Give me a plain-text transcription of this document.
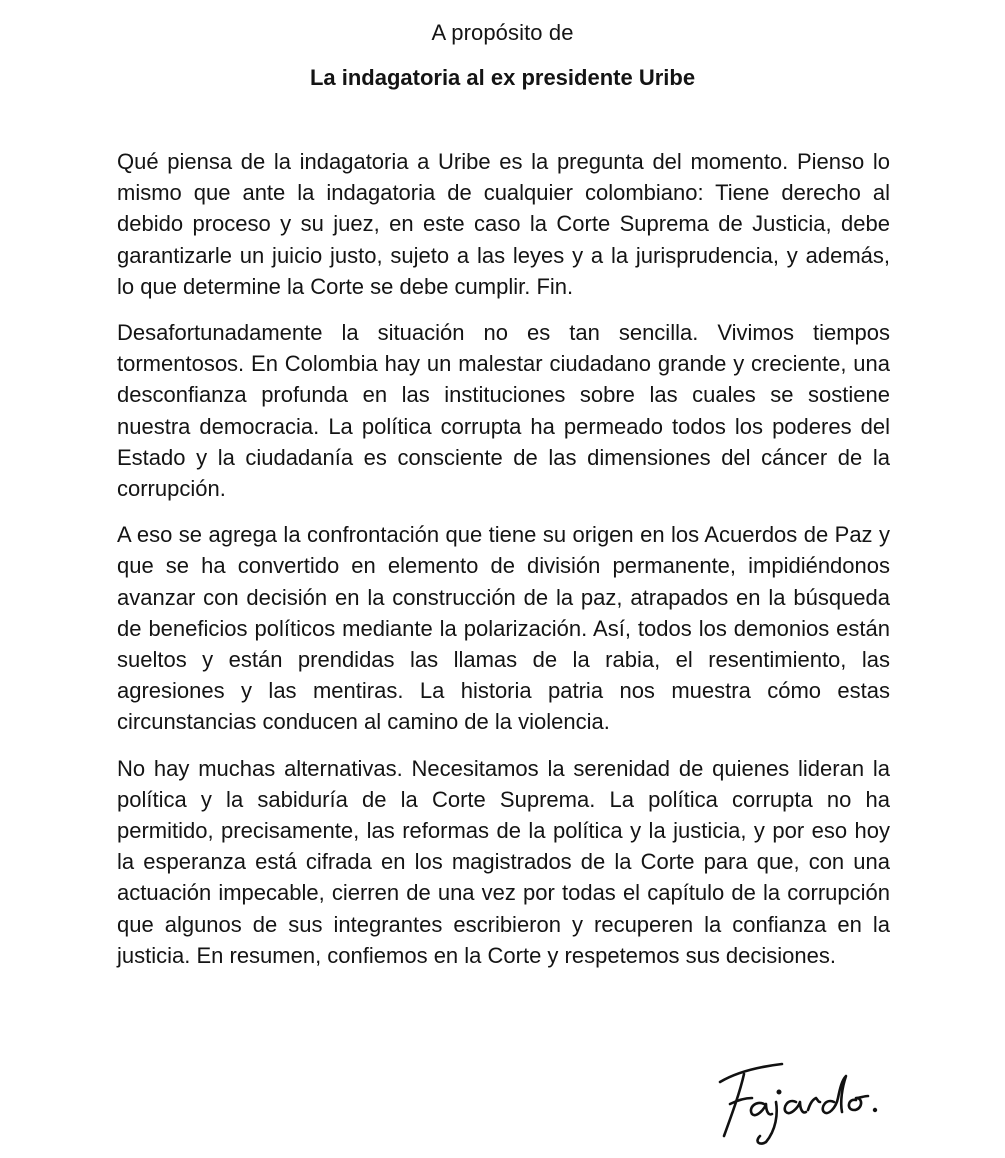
A propósito de
La indagatoria al ex presidente Uribe

Qué piensa de la indagatoria a Uribe es la pregunta del momento. Pienso lo mismo que ante la indagatoria de cualquier colombiano: Tiene derecho al debido proceso y su juez, en este caso la Corte Suprema de Justicia, debe garantizarle un juicio justo, sujeto a las leyes y a la jurisprudencia, y además, lo que determine la Corte se debe cumplir. Fin.

Desafortunadamente la situación no es tan sencilla. Vivimos tiempos tormentosos. En Colombia hay un malestar ciudadano grande y creciente, una desconfianza profunda en las instituciones sobre las cuales se sostiene nuestra democracia. La política corrupta ha permeado todos los poderes del Estado y la ciudadanía es consciente de las dimensiones del cáncer de la corrupción.

A eso se agrega la confrontación que tiene su origen en los Acuerdos de Paz y que se ha convertido en elemento de división permanente, impidiéndonos avanzar con decisión en la construcción de la paz, atrapados en la búsqueda de beneficios políticos mediante la polarización. Así, todos los demonios están sueltos y están prendidas las llamas de la rabia, el resentimiento, las agresiones y las mentiras. La historia patria nos muestra cómo estas circunstancias conducen al camino de la violencia.

No hay muchas alternativas. Necesitamos la serenidad de quienes lideran la política y la sabiduría de la Corte Suprema. La política corrupta no ha permitido, precisamente, las reformas de la política y la justicia, y por eso hoy la esperanza está cifrada en los magistrados de la Corte para que, con una actuación impecable, cierren de una vez por todas el capítulo de la corrupción que algunos de sus integrantes escribieron y recuperen la confianza en la justicia. En resumen, confiemos en la Corte y respetemos sus decisiones.
